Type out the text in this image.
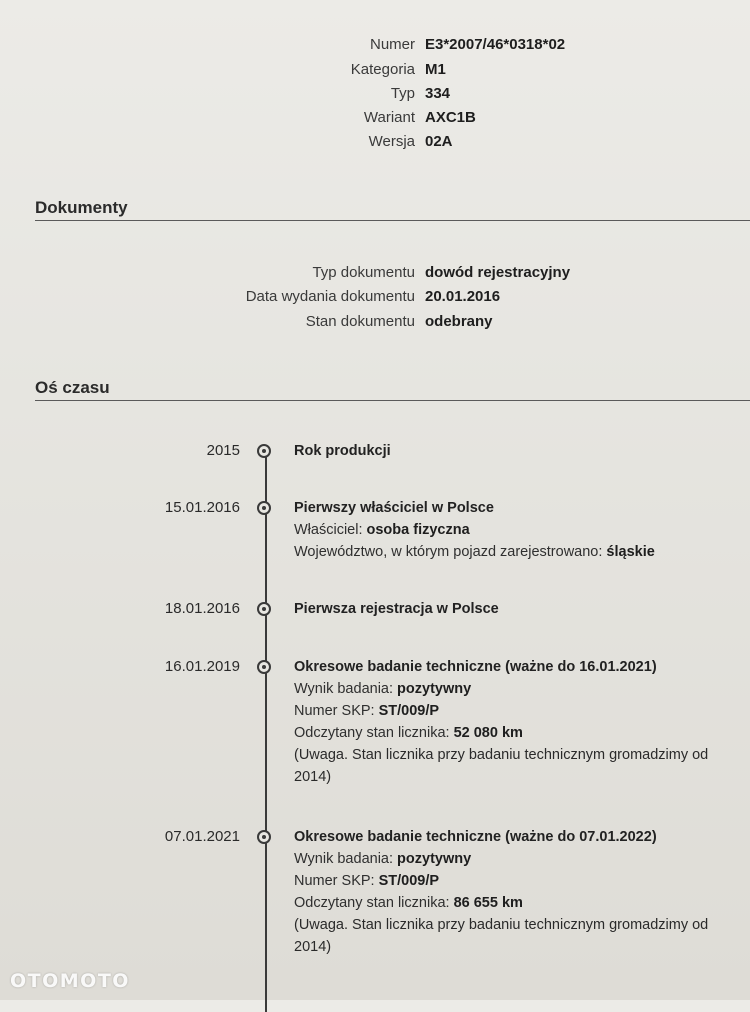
Numer E3*2007/46*0318*02
Kategoria M1
Typ 334
Wariant AXC1B
Wersja 02A
Dokumenty
Typ dokumentu dowód rejestracyjny
Data wydania dokumentu 20.01.2016
Stan dokumentu odebrany
Oś czasu
2015	Rok produkcji
15.01.2016	Pierwszy właściciel w Polsce
Właściciel: osoba fizyczna
Województwo, w którym pojazd zarejestrowano: śląskie
18.01.2016	Pierwsza rejestracja w Polsce
16.01.2019	Okresowe badanie techniczne (ważne do 16.01.2021)
Wynik badania: pozytywny
Numer SKP: ST/009/P
Odczytany stan licznika: 52 080 km
(Uwaga. Stan licznika przy badaniu technicznym gromadzimy od 2014)
07.01.2021	Okresowe badanie techniczne (ważne do 07.01.2022)
Wynik badania: pozytywny
Numer SKP: ST/009/P
Odczytany stan licznika: 86 655 km
(Uwaga. Stan licznika przy badaniu technicznym gromadzimy od 2014)
OTOMOTO
